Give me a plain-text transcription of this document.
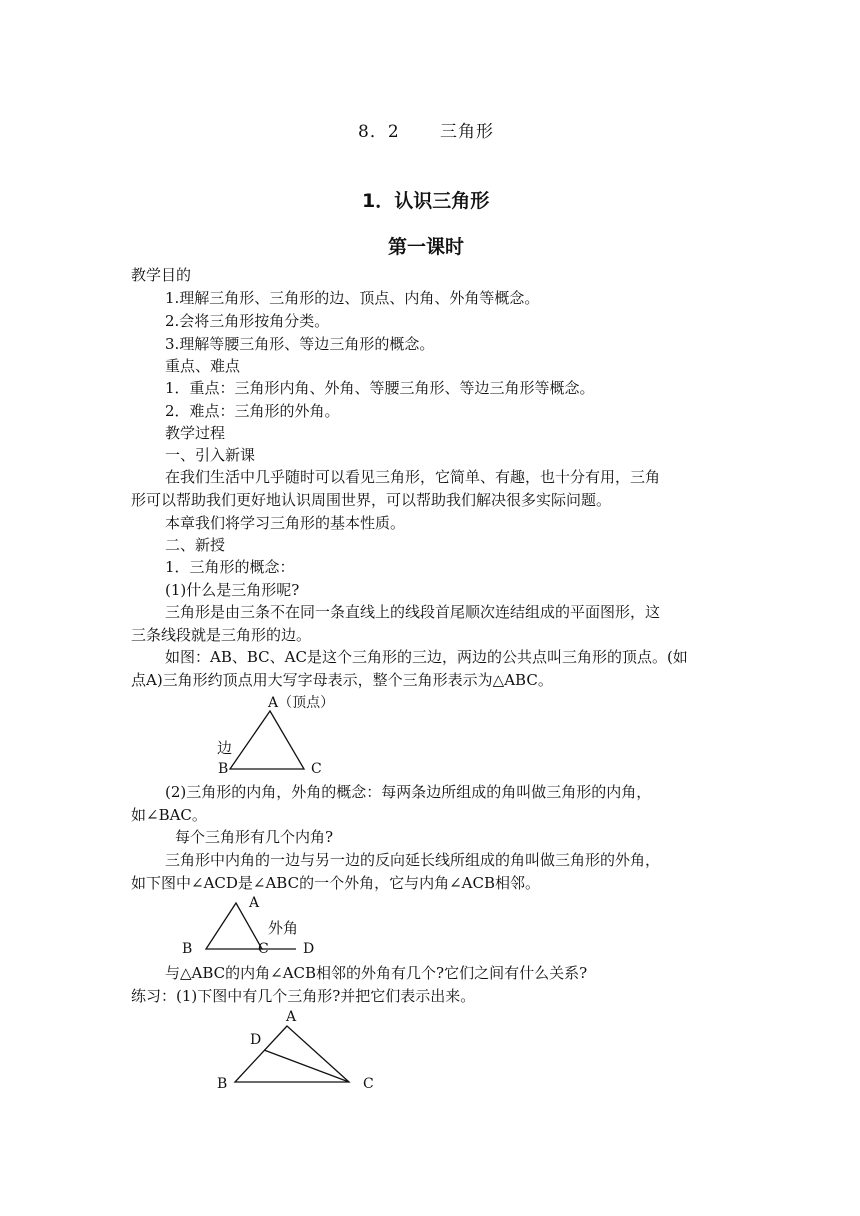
8．2 三角形
1．认识三角形
第一课时
教学目的
1.理解三角形、三角形的边、顶点、内角、外角等概念。
2.会将三角形按角分类。
3.理解等腰三角形、等边三角形的概念。
重点、难点
1．重点：三角形内角、外角、等腰三角形、等边三角形等概念。
2．难点：三角形的外角。
教学过程
一、引入新课
在我们生活中几乎随时可以看见三角形，它简单、有趣，也十分有用，三角
形可以帮助我们更好地认识周围世界，可以帮助我们解决很多实际问题。
本章我们将学习三角形的基本性质。
二、新授
1．三角形的概念：
(1)什么是三角形呢?
三角形是由三条不在同一条直线上的线段首尾顺次连结组成的平面图形，这
三条线段就是三角形的边。
如图：AB、BC、AC是这个三角形的三边，两边的公共点叫三角形的顶点。(如
点A)三角形约顶点用大写字母表示，整个三角形表示为△ABC。
A（顶点）
边
B	C
(2)三角形的内角，外角的概念：每两条边所组成的角叫做三角形的内角，
如∠BAC。
每个三角形有几个内角?
三角形中内角的一边与另一边的反向延长线所组成的角叫做三角形的外角，
如下图中∠ACD是∠ABC的一个外角，它与内角∠ACB相邻。
A
外角
B	C D
与△ABC的内角∠ACB相邻的外角有几个?它们之间有什么关系?
练习：(1)下图中有几个三角形?并把它们表示出来。
A
D
B	C
